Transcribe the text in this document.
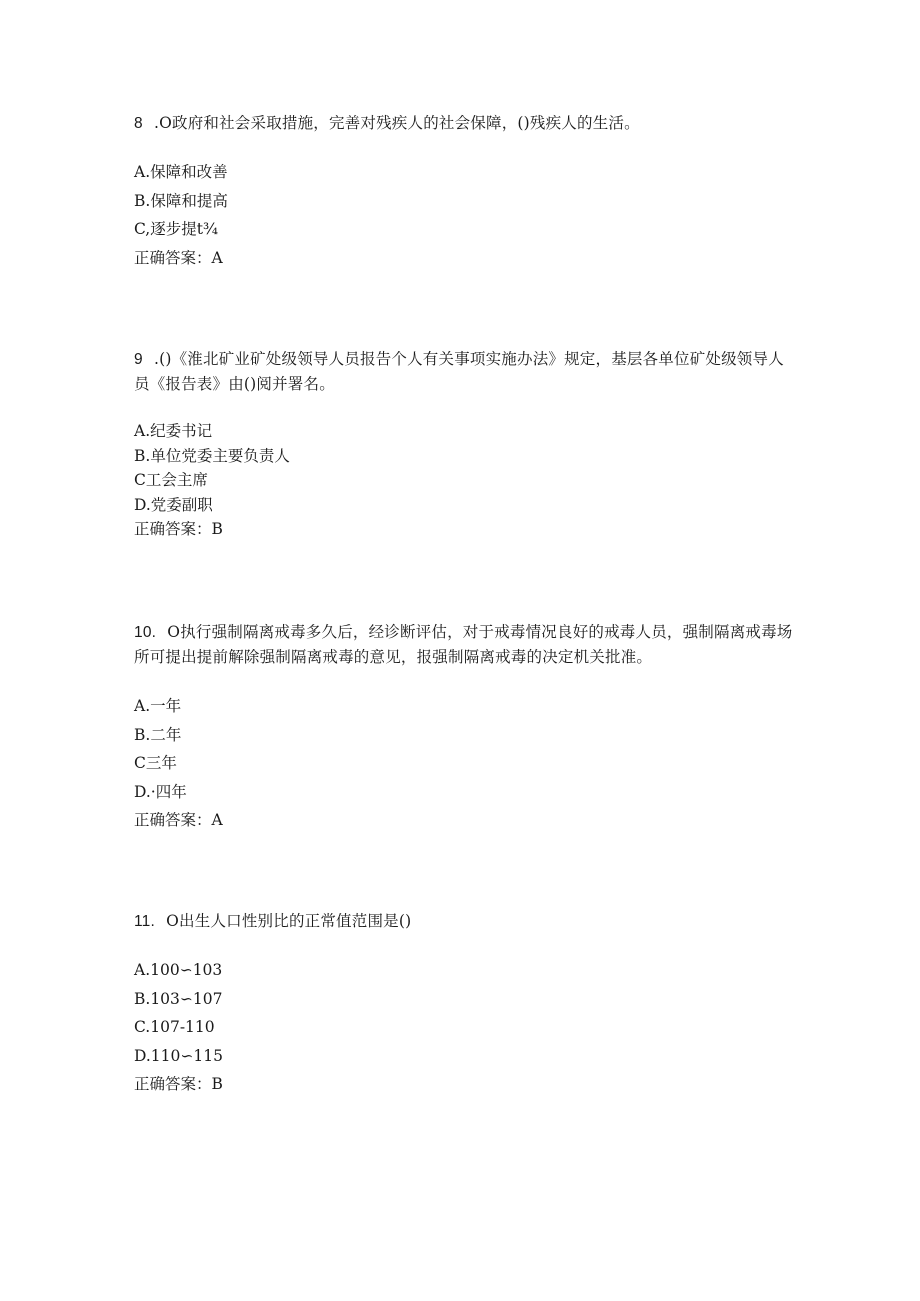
8 .O政府和社会采取措施，完善对残疾人的社会保障，()残疾人的生活。

A.保障和改善

B.保障和提高

C,逐步提t¾

正确答案：A

9 .()《淮北矿业矿处级领导人员报告个人有关事项实施办法》规定，基层各单位矿处级领导人员《报告表》由()阅并署名。

A.纪委书记

B.单位党委主要负责人

C工会主席

D.党委副职

正确答案：B

10. O执行强制隔离戒毒多久后，经诊断评估，对于戒毒情况良好的戒毒人员，强制隔离戒毒场所可提出提前解除强制隔离戒毒的意见，报强制隔离戒毒的决定机关批准。

A.一年

B.二年

C三年

D.·四年

正确答案：A

11. O出生人口性别比的正常值范围是()

A.100∽103

B.103∽107

C.107-110

D.110∽115

正确答案：B
